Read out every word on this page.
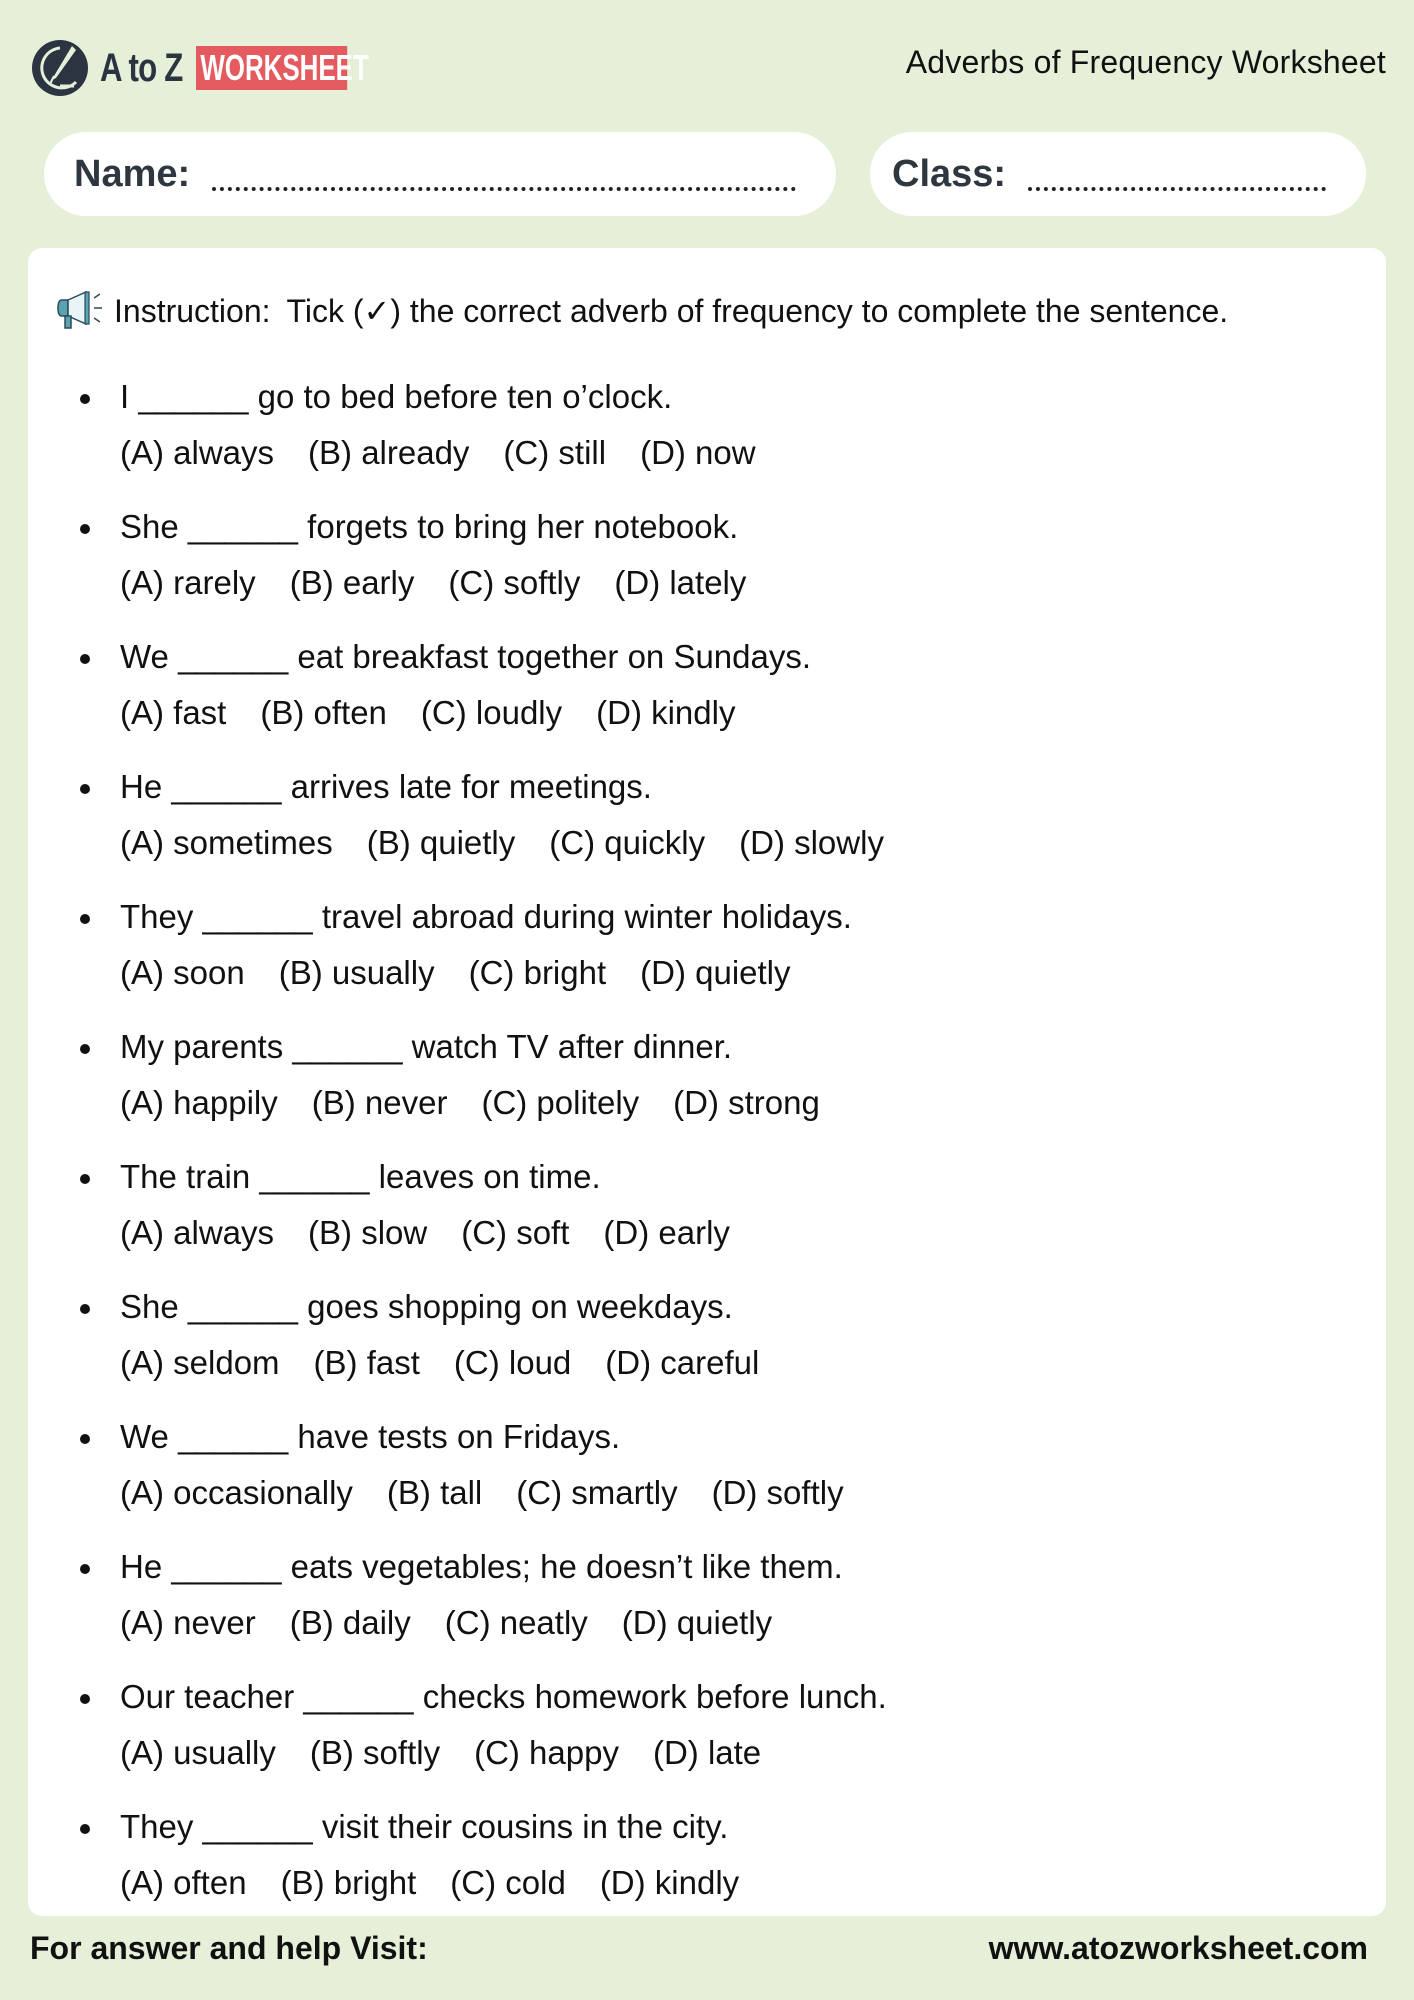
A to Z WORKSHEET	Adverbs of Frequency Worksheet
Name:	Class:
Instruction: Tick (✓) the correct adverb of frequency to complete the sentence.
I ______ go to bed before ten o’clock.
(A) always (B) already (C) still (D) now
She ______ forgets to bring her notebook.
(A) rarely (B) early (C) softly (D) lately
We ______ eat breakfast together on Sundays.
(A) fast (B) often (C) loudly (D) kindly
He ______ arrives late for meetings.
(A) sometimes (B) quietly (C) quickly (D) slowly
They ______ travel abroad during winter holidays.
(A) soon (B) usually (C) bright (D) quietly
My parents ______ watch TV after dinner.
(A) happily (B) never (C) politely (D) strong
The train ______ leaves on time.
(A) always (B) slow (C) soft (D) early
She ______ goes shopping on weekdays.
(A) seldom (B) fast (C) loud (D) careful
We ______ have tests on Fridays.
(A) occasionally (B) tall (C) smartly (D) softly
He ______ eats vegetables; he doesn’t like them.
(A) never (B) daily (C) neatly (D) quietly
Our teacher ______ checks homework before lunch.
(A) usually (B) softly (C) happy (D) late
They ______ visit their cousins in the city.
(A) often (B) bright (C) cold (D) kindly
For answer and help Visit:	www.atozworksheet.com
